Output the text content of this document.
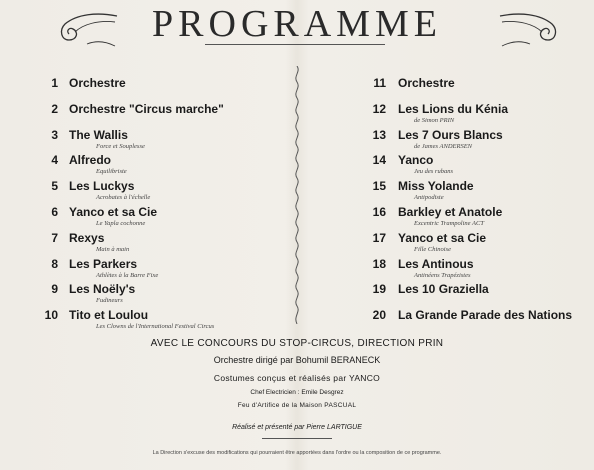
PROGRAMME
1 Orchestre
2 Orchestre "Circus marche"
3 The Wallis
Force et Souplesse
4 Alfredo
Equilibriste
5 Les Luckys
Acrobates à l'échelle
6 Yanco et sa Cie
Le Yapla cochonne
7 Rexys
Main à main
8 Les Parkers
Athlètes à la Barre Fixe
9 Les Noëly's
Fudineurs
10 Tito et Loulou
Les Clowns de l'International Festival Circus
11 Orchestre
12 Les Lions du Kénia
de Simon PRIN
13 Les 7 Ours Blancs
de James ANDERSEN
14 Yanco
Jeu des rubans
15 Miss Yolande
Antipodiste
16 Barkley et Anatole
Excentric Trampoline ACT
17 Yanco et sa Cie
Fille Chinoise
18 Les Antinous
Antinéens Trapézistes
19 Les 10 Graziella
20 La Grande Parade des Nations
AVEC LE CONCOURS DU STOP-CIRCUS, DIRECTION PRIN
Orchestre dirigé par Bohumil BERANECK
Costumes conçus et réalisés par YANCO
Chef Electricien : Emile Desgrez
Feu d'Artifice de la Maison PASCUAL
Réalisé et présenté par Pierre LARTIGUE
La Direction s'excuse des modifications qui pourraient être apportées dans l'ordre ou la composition de ce programme.
